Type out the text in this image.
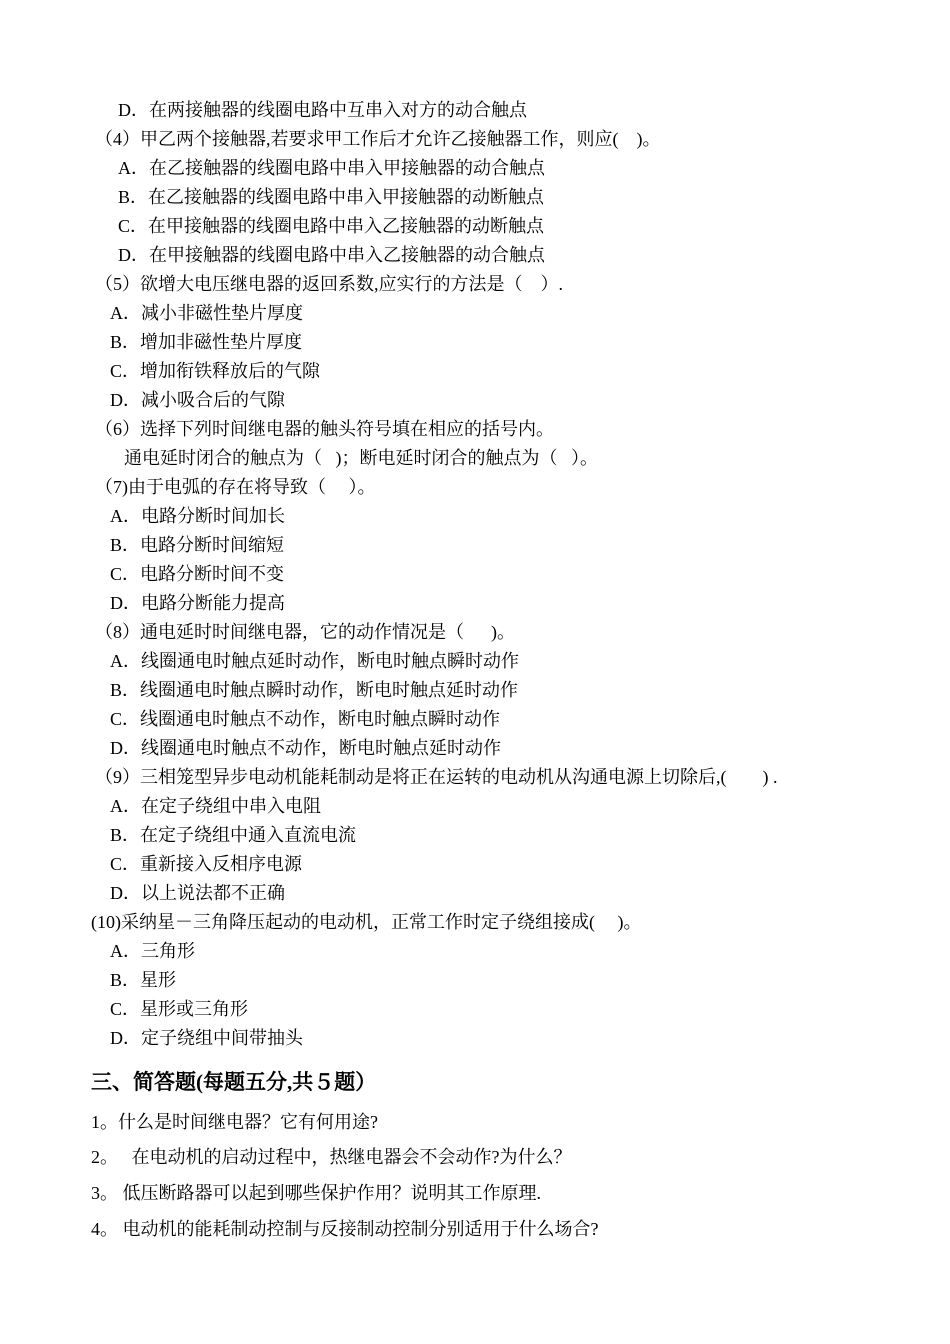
D．在两接触器的线圈电路中互串入对方的动合触点
（4）甲乙两个接触器,若要求甲工作后才允许乙接触器工作，则应(    )。
A．在乙接触器的线圈电路中串入甲接触器的动合触点
B．在乙接触器的线圈电路中串入甲接触器的动断触点
C．在甲接触器的线圈电路中串入乙接触器的动断触点
D．在甲接触器的线圈电路中串入乙接触器的动合触点
（5）欲增大电压继电器的返回系数,应实行的方法是（    ）.
A．减小非磁性垫片厚度
B．增加非磁性垫片厚度
C．增加衔铁释放后的气隙
D．减小吸合后的气隙
（6）选择下列时间继电器的触头符号填在相应的括号内。
通电延时闭合的触点为（   )；断电延时闭合的触点为（   ）。
（7)由于电弧的存在将导致（     ）。
A．电路分断时间加长
B．电路分断时间缩短
C．电路分断时间不变
D．电路分断能力提高
（8）通电延时时间继电器，它的动作情况是（      )。
A．线圈通电时触点延时动作，断电时触点瞬时动作
B．线圈通电时触点瞬时动作，断电时触点延时动作
C．线圈通电时触点不动作，断电时触点瞬时动作
D．线圈通电时触点不动作，断电时触点延时动作
（9）三相笼型异步电动机能耗制动是将正在运转的电动机从沟通电源上切除后,(        ) .
A．在定子绕组中串入电阻
B．在定子绕组中通入直流电流
C．重新接入反相序电源
D．以上说法都不正确
(10)采纳星－三角降压起动的电动机，正常工作时定子绕组接成(     )。
A．三角形
B．星形
C．星形或三角形
D．定子绕组中间带抽头
三、简答题(每题五分,共５题）
1。什么是时间继电器？它有何用途?
2。   在电动机的启动过程中，热继电器会不会动作?为什么？
3。 低压断路器可以起到哪些保护作用？说明其工作原理.
4。 电动机的能耗制动控制与反接制动控制分别适用于什么场合?
